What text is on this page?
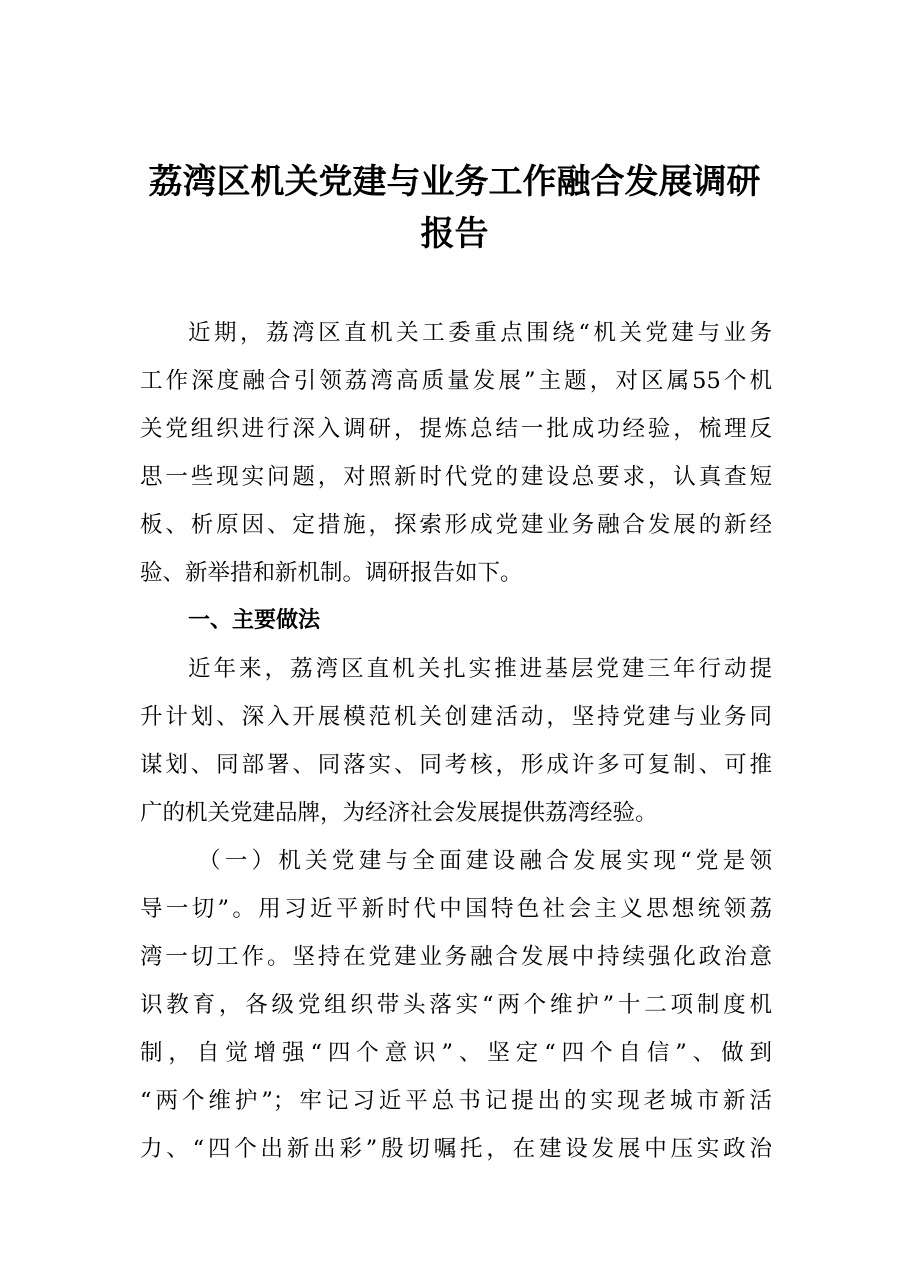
荔湾区机关党建与业务工作融合发展调研
报告
近期，荔湾区直机关工委重点围绕“机关党建与业务
工作深度融合引领荔湾高质量发展”主题，对区属55个机
关党组织进行深入调研，提炼总结一批成功经验，梳理反
思一些现实问题，对照新时代党的建设总要求，认真查短
板、析原因、定措施，探索形成党建业务融合发展的新经
验、新举措和新机制。调研报告如下。
一、主要做法
近年来，荔湾区直机关扎实推进基层党建三年行动提
升计划、深入开展模范机关创建活动，坚持党建与业务同
谋划、同部署、同落实、同考核，形成许多可复制、可推
广的机关党建品牌，为经济社会发展提供荔湾经验。
（一）机关党建与全面建设融合发展实现“党是领
导一切”。用习近平新时代中国特色社会主义思想统领荔
湾一切工作。坚持在党建业务融合发展中持续强化政治意
识教育，各级党组织带头落实“两个维护”十二项制度机
制，自觉增强“四个意识”、坚定“四个自信”、做到
“两个维护”；牢记习近平总书记提出的实现老城市新活
力、“四个出新出彩”殷切嘱托，在建设发展中压实政治
